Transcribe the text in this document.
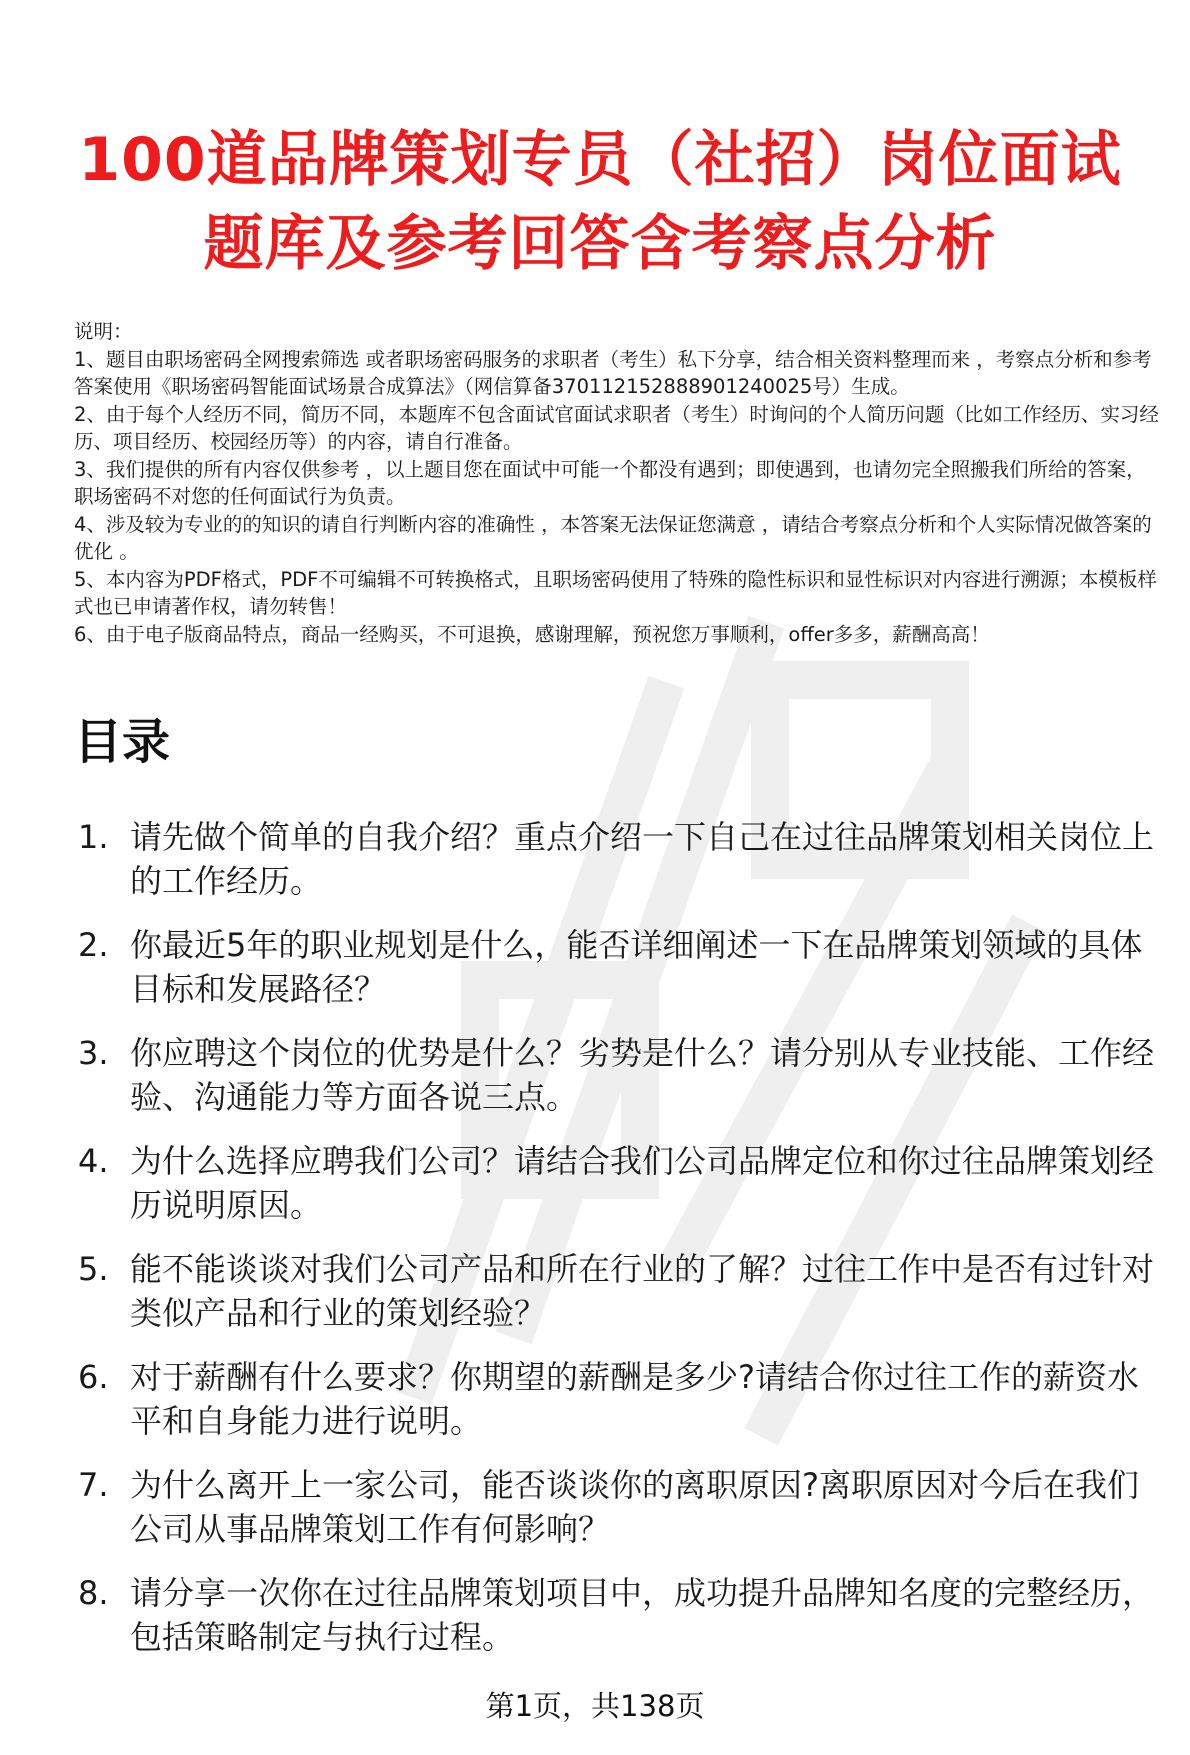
100道品牌策划专员（社招）岗位面试题库及参考回答含考察点分析

说明：

1、题目由职场密码全网搜索筛选 或者职场密码服务的求职者（考生）私下分享，结合相关资料整理而来 ，考察点分析和参考答案使用《职场密码智能面试场景合成算法》（网信算备370112152888901240025号）生成。

2、由于每个人经历不同，简历不同，本题库不包含面试官面试求职者（考生）时询问的个人简历问题（比如工作经历、实习经历、项目经历、校园经历等）的内容，请自行准备。

3、我们提供的所有内容仅供参考 ，以上题目您在面试中可能一个都没有遇到；即使遇到，也请勿完全照搬我们所给的答案，职场密码不对您的任何面试行为负责。

4、涉及较为专业的的知识的请自行判断内容的准确性 ，本答案无法保证您满意 ，请结合考察点分析和个人实际情况做答案的优化 。

5、本内容为PDF格式，PDF不可编辑不可转换格式，且职场密码使用了特殊的隐性标识和显性标识对内容进行溯源；本模板样式也已申请著作权，请勿转售！

6、由于电子版商品特点，商品一经购买，不可退换，感谢理解，预祝您万事顺利，offer多多，薪酬高高！

目录
1. 请先做个简单的自我介绍？重点介绍一下自己在过往品牌策划相关岗位上的工作经历。
2. 你最近5年的职业规划是什么，能否详细阐述一下在品牌策划领域的具体目标和发展路径？
3. 你应聘这个岗位的优势是什么？劣势是什么？请分别从专业技能、工作经验、沟通能力等方面各说三点。
4. 为什么选择应聘我们公司？请结合我们公司品牌定位和你过往品牌策划经历说明原因。
5. 能不能谈谈对我们公司产品和所在行业的了解？过往工作中是否有过针对类似产品和行业的策划经验？
6. 对于薪酬有什么要求？你期望的薪酬是多少?请结合你过往工作的薪资水平和自身能力进行说明。
7. 为什么离开上一家公司，能否谈谈你的离职原因?离职原因对今后在我们公司从事品牌策划工作有何影响？
8. 请分享一次你在过往品牌策划项目中，成功提升品牌知名度的完整经历，包括策略制定与执行过程。
第1页，共138页
